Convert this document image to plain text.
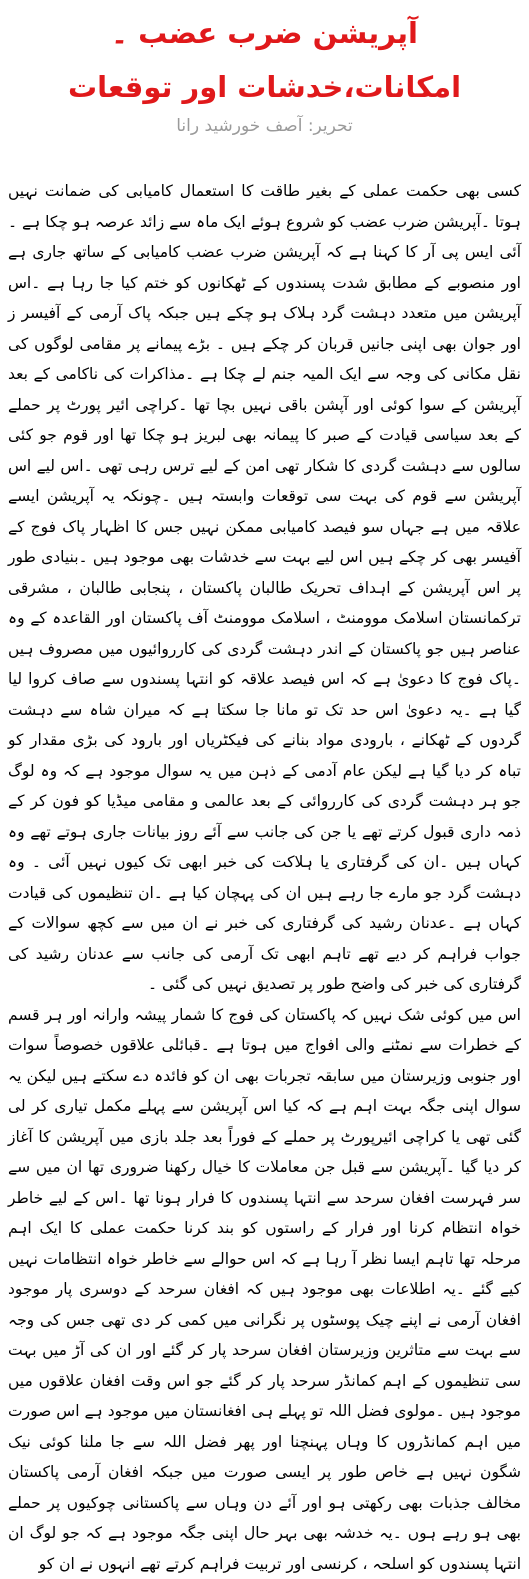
آپریشن ضرب عضب ۔امکانات،خدشات اور توقعات
تحریر: آصف خورشید رانا

کسی بھی حکمت عملی کے بغیر طاقت کا استعمال کامیابی کی ضمانت نہیں ہوتا ۔آپریشن ضرب عضب کو شروع ہوئے ایک ماہ سے زائد عرصہ ہو چکا ہے ۔آئی ایس پی آر کا کہنا ہے کہ آپریشن ضرب عضب کامیابی کے ساتھ جاری ہے اور منصوبے کے مطابق شدت پسندوں کے ٹھکانوں کو ختم کیا جا رہا ہے ۔اس آپریشن میں متعدد دہشت گرد ہلاک ہو چکے ہیں جبکہ پاک آرمی کے آفیسر ز اور جوان بھی اپنی جانیں قربان کر چکے ہیں ۔ بڑے پیمانے پر مقامی لوگوں کی نقل مکانی کی وجہ سے ایک المیہ جنم لے چکا ہے ۔مذاکرات کی ناکامی کے بعد آپریشن کے سوا کوئی اور آپشن باقی نہیں بچا تھا ۔کراچی ائیر پورٹ پر حملے کے بعد سیاسی قیادت کے صبر کا پیمانہ بھی لبریز ہو چکا تھا اور قوم جو کئی سالوں سے دہشت گردی کا شکار تھی امن کے لیے ترس رہی تھی ۔اس لیے اس آپریشن سے قوم کی بہت سی توقعات وابستہ ہیں ۔چونکہ یہ آپریشن ایسے علاقہ میں ہے جہاں سو فیصد کامیابی ممکن نہیں جس کا اظہار پاک فوج کے آفیسر بھی کر چکے ہیں اس لیے بہت سے خدشات بھی موجود ہیں ۔بنیادی طور پر اس آپریشن کے اہداف تحریک طالبان پاکستان ، پنجابی طالبان ، مشرقی ترکمانستان اسلامک موومنٹ ، اسلامک موومنٹ آف پاکستان اور القاعدہ کے وہ عناصر ہیں جو پاکستان کے اندر دہشت گردی کی کارروائیوں میں مصروف ہیں ۔پاک فوج کا دعویٰ ہے کہ اس فیصد علاقہ کو انتہا پسندوں سے صاف کروا لیا گیا ہے ۔یہ دعویٰ اس حد تک تو مانا جا سکتا ہے کہ میران شاہ سے دہشت گردوں کے ٹھکانے ، بارودی مواد بنانے کی فیکٹریاں اور بارود کی بڑی مقدار کو تباہ کر دیا گیا ہے لیکن عام آدمی کے ذہن میں یہ سوال موجود ہے کہ وہ لوگ جو ہر دہشت گردی کی کارروائی کے بعد عالمی و مقامی میڈیا کو فون کر کے ذمہ داری قبول کرتے تھے یا جن کی جانب سے آئے روز بیانات جاری ہوتے تھے وہ کہاں ہیں ۔ان کی گرفتاری یا ہلاکت کی خبر ابھی تک کیوں نہیں آئی ۔ وہ دہشت گرد جو مارے جا رہے ہیں ان کی پہچان کیا ہے ۔ان تنظیموں کی قیادت کہاں ہے ۔عدنان رشید کی گرفتاری کی خبر نے ان میں سے کچھ سوالات کے جواب فراہم کر دیے تھے تاہم ابھی تک آرمی کی جانب سے عدنان رشید کی گرفتاری کی خبر کی واضح طور پر تصدیق نہیں کی گئی ۔

اس میں کوئی شک نہیں کہ پاکستان کی فوج کا شمار پیشہ وارانہ اور ہر قسم کے خطرات سے نمٹنے والی افواج میں ہوتا ہے ۔قبائلی علاقوں خصوصاً سوات اور جنوبی وزیرستان میں سابقہ تجربات بھی ان کو فائدہ دے سکتے ہیں لیکن یہ سوال اپنی جگہ بہت اہم ہے کہ کیا اس آپریشن سے پہلے مکمل تیاری کر لی گئی تھی یا کراچی ائیرپورٹ پر حملے کے فوراً بعد جلد بازی میں آپریشن کا آغاز کر دیا گیا ۔آپریشن سے قبل جن معاملات کا خیال رکھنا ضروری تھا ان میں سے سر فہرست افغان سرحد سے انتہا پسندوں کا فرار ہونا تھا ۔اس کے لیے خاطر خواہ انتظام کرنا اور فرار کے راستوں کو بند کرنا حکمت عملی کا ایک اہم مرحلہ تھا تاہم ایسا نظر آ رہا ہے کہ اس حوالے سے خاطر خواہ انتظامات نہیں کیے گئے ۔یہ اطلاعات بھی موجود ہیں کہ افغان سرحد کے دوسری پار موجود افغان آرمی نے اپنے چیک پوسٹوں پر نگرانی میں کمی کر دی تھی جس کی وجہ سے بہت سے متاثرین وزیرستان افغان سرحد پار کر گئے اور ان کی آڑ میں بہت سی تنظیموں کے اہم کمانڈر سرحد پار کر گئے جو اس وقت افغان علاقوں میں موجود ہیں ۔مولوی فضل اللہ تو پہلے ہی افغانستان میں موجود ہے اس صورت میں اہم کمانڈروں کا وہاں پہنچنا اور پھر فضل اللہ سے جا ملنا کوئی نیک شگون نہیں ہے خاص طور پر ایسی صورت میں جبکہ افغان آرمی پاکستان مخالف جذبات بھی رکھتی ہو اور آئے دن وہاں سے پاکستانی چوکیوں پر حملے بھی ہو رہے ہوں ۔یہ خدشہ بھی بہر حال اپنی جگہ موجود ہے کہ جو لوگ ان انتہا پسندوں کو اسلحہ ، کرنسی اور تربیت فراہم کرتے تھے انہوں نے ان کو
